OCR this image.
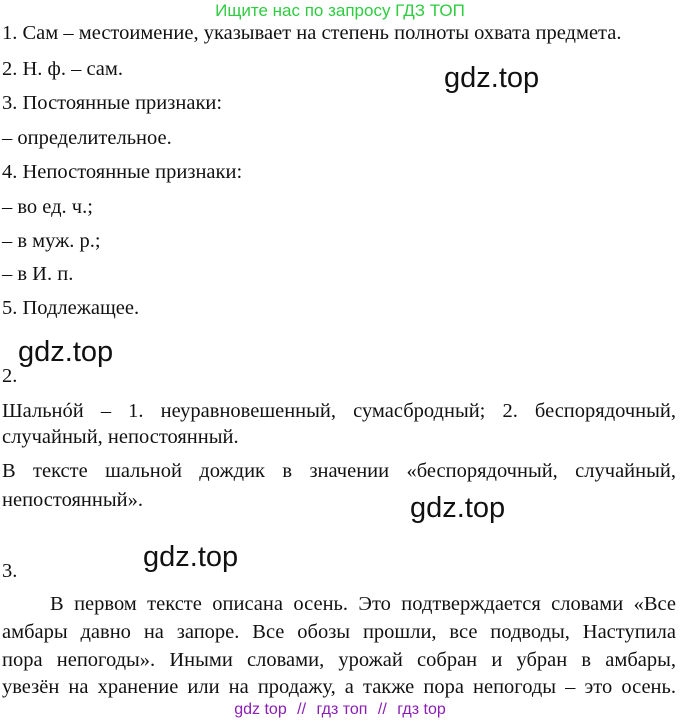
Ищите нас по запросу ГДЗ ТОП
1. Сам – местоимение, указывает на степень полноты охвата предмета.
2. Н. ф. – сам.
3. Постоянные признаки:
– определительное.
4. Непостоянные признаки:
– во ед. ч.;
– в муж. р.;
– в И. п.
5. Подлежащее.
2.
Шальнóй – 1. неуравновешенный, сумасбродный; 2. беспорядочный,
случайный, непостоянный.
В тексте шальной дождик в значении «беспорядочный, случайный,
непостоянный».
3.
В первом тексте описана осень. Это подтверждается словами «Все
амбары давно на запоре. Все обозы прошли, все подводы, Наступила
пора непогоды». Иными словами, урожай собран и убран в амбары,
увезён на хранение или на продажу, а также пора непогоды – это осень.
gdz.top
gdz.top
gdz.top
gdz.top
gdz top // гдз топ // гдз top
